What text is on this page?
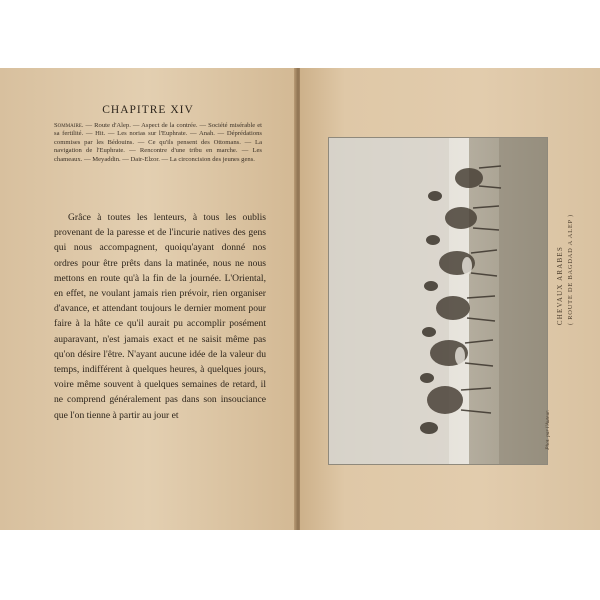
CHAPITRE XIV
Sommaire. — Route d'Alep. — Aspect de la contrée. — Société misérable et sa fertilité. — Hit. — Les norias sur l'Euphrate. — Anah. — Déprédations commises par les Bédouins. — Ce qu'ils pensent des Ottomans. — La navigation de l'Euphrate. — Rencontre d'une tribu en marche. — Les chameaux. — Meyaddin. — Dair-Elzor. — La circoncision des jeunes gens.
Grâce à toutes les lenteurs, à tous les oublis provenant de la paresse et de l'incurie natives des gens qui nous accompagnent, quoiqu'ayant donné nos ordres pour être prêts dans la matinée, nous ne nous mettons en route qu'à la fin de la journée. L'Oriental, en effet, ne voulant jamais rien prévoir, rien organiser d'avance, et attendant toujours le dernier moment pour faire à la hâte ce qu'il aurait pu accomplir posément auparavant, n'est jamais exact et ne saisit même pas qu'on désire l'être. N'ayant aucune idée de la valeur du temps, indifférent à quelques heures, à quelques jours, voire même souvent à quelques semaines de retard, il ne comprend généralement pas dans son insouciance que l'on tienne à partir au jour et
CHEVAUX ARABES ( ROUTE DE BAGDAD A ALEP )
Phot. par l'Auteur.
